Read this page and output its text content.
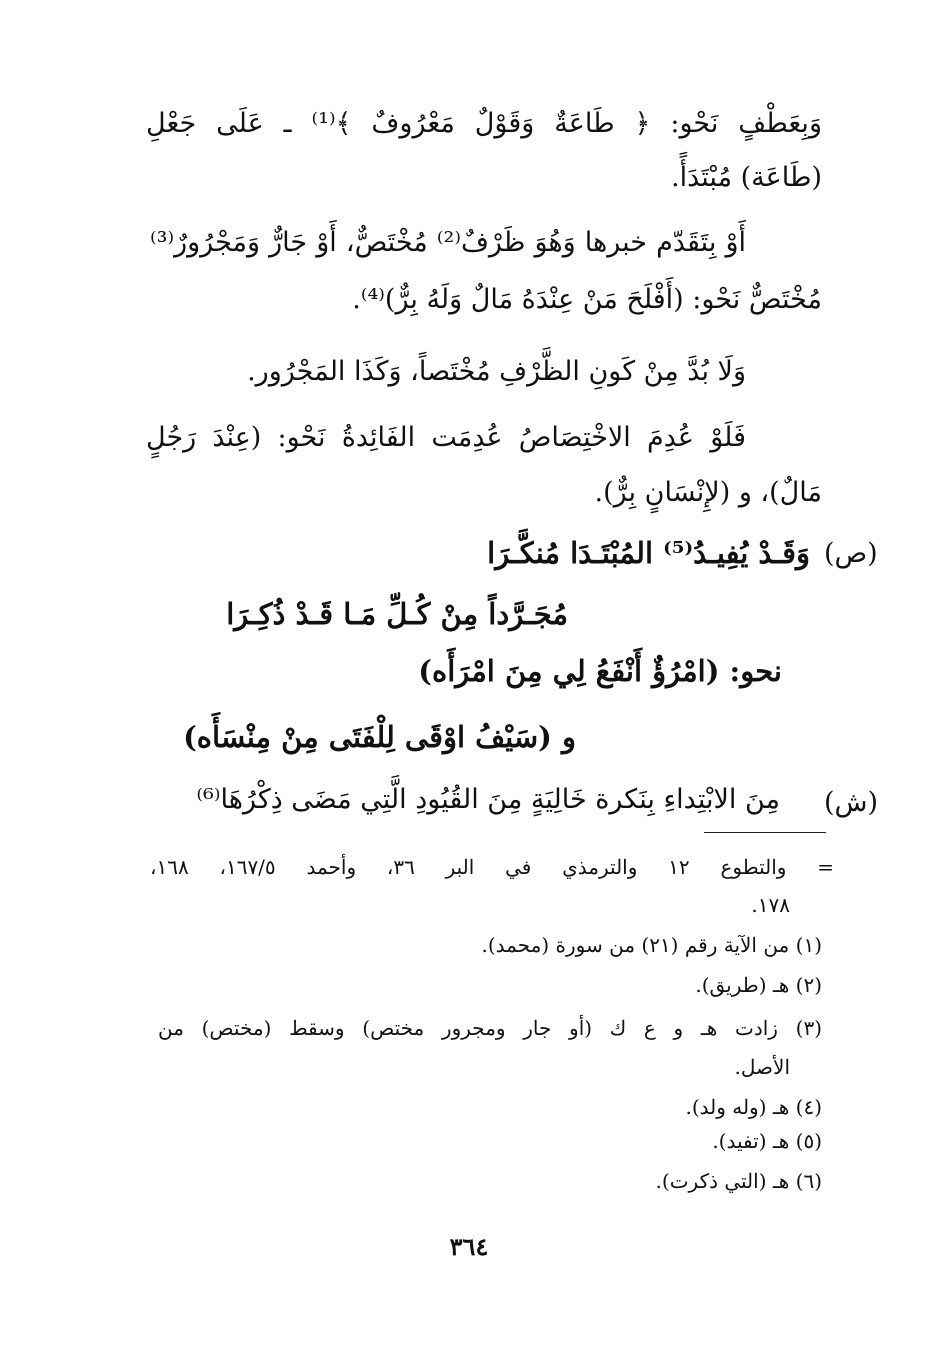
وَبِعَطْفٍ نَحْو: ﴿ طَاعَةٌ وَقَوْلٌ مَعْرُوفٌ ﴾⁽¹⁾ ـ عَلَى جَعْلِ
(طَاعَة) مُبْتَدَأً.
أَوْ بِتَقَدّم خبرها وَهُوَ ظَرْفٌ⁽²⁾ مُخْتَصٌّ، أَوْ جَارٌّ وَمَجْرُورٌ⁽³⁾
مُخْتَصٌّ نَحْو: (أَفْلَحَ مَنْ عِنْدَهُ مَالٌ وَلَهُ بِرٌّ)⁽⁴⁾.
وَلَا بُدَّ مِنْ كَونِ الظَّرْفِ مُخْتَصاً، وَكَذَا المَجْرُور.
فَلَوْ عُدِمَ الاخْتِصَاصُ عُدِمَت الفَائِدةُ نَحْو: (عِنْدَ رَجُلٍ
مَالٌ)، و (لإِنْسَانٍ بِرٌّ).
(ص)
وَقَـدْ يُفِيـدُ⁽⁵⁾ المُبْتَـدَا مُنكَّـرَا
مُجَـرَّداً مِنْ كُـلِّ مَـا قَـدْ ذُكِـرَا
نحو: (امْرُؤٌ أَنْفَعُ لِي مِنَ امْرَأَه)
و (سَيْفُ اوْقَى لِلْفَتَى مِنْ مِنْسَأَه)
(ش)
مِنَ الابْتِداءِ بِنَكرة خَالِيَةٍ مِنَ القُيُودِ الَّتِي مَضَى ذِكْرُهَا⁽⁶⁾
= والتطوع ١٢ والترمذي في البر ٣٦، وأحمد ١٦٧/٥، ١٦٨،
١٧٨.
(١) من الآية رقم (٢١) من سورة (محمد).
(٢) هـ (طريق).
(٣) زادت هـ و ع ك (أو جار ومجرور مختص) وسقط (مختص) من
الأصل.
(٤) هـ (وله ولد).
(٥) هـ (تفيد).
(٦) هـ (التي ذكرت).
٣٦٤
